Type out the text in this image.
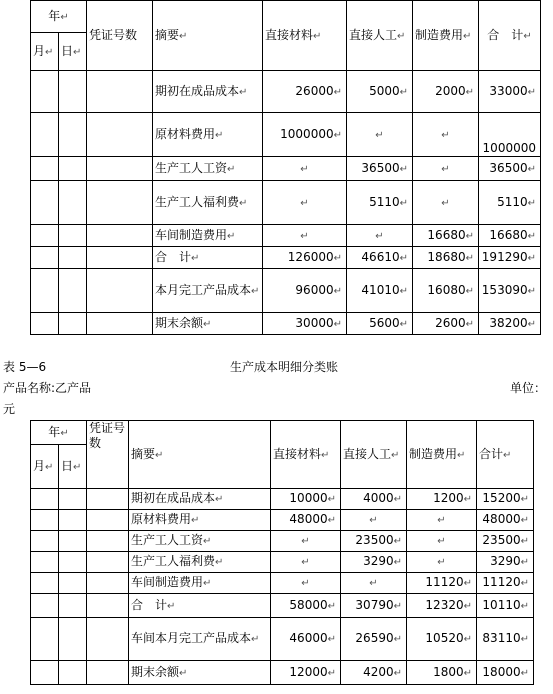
年↵		凭证号数	摘要↵	直接材料↵	直接人工↵	制造费用↵	合　计↵
月↵	日↵						
			期初在成品成本↵	26000↵	5000↵	2000↵	33000↵
			原材料费用↵	1000000↵	↵	↵	1000000
			生产工人工资↵	↵	36500↵	↵	36500↵
			生产工人福利费↵	↵	5110↵	↵	5110↵
			车间制造费用↵	↵	↵	16680↵	16680↵
			合　计↵	126000↵	46610↵	18680↵	191290↵
			本月完工产品成本↵	96000↵	41010↵	16080↵	153090↵
			期末余额↵	30000↵	5600↵	2600↵	38200↵
表 5—6	生产成本明细分类账
产品名称:乙产品	单位：
元
年↵		凭证号数	摘要↵	直接材料↵	直接人工↵	制造费用↵	合计↵
月↵	日↵						
			期初在成品成本↵	10000↵	4000↵	1200↵	15200↵
			原材料费用↵	48000↵	↵	↵	48000↵
			生产工人工资↵	↵	23500↵	↵	23500↵
			生产工人福利费↵	↵	3290↵	↵	3290↵
			车间制造费用↵	↵	↵	11120↵	11120↵
			合　计↵	58000↵	30790↵	12320↵	10110↵
			车间本月完工产品成本↵	46000↵	26590↵	10520↵	83110↵
			期末余额↵	12000↵	4200↵	1800↵	18000↵
